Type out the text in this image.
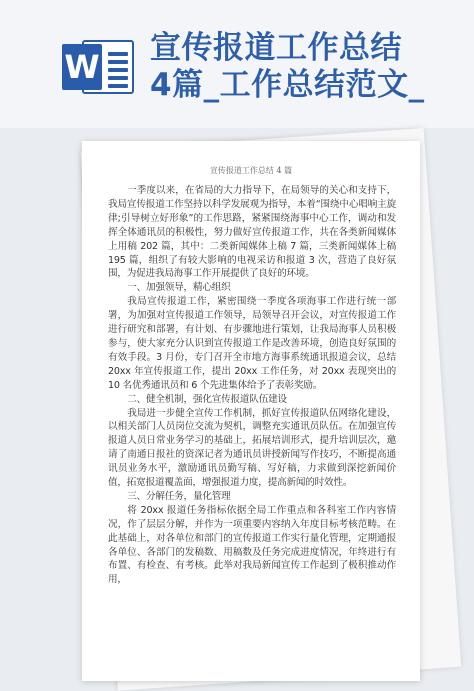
W 宣传报道工作总结
4篇_工作总结范文_
宣传报道工作总结 4 篇

一季度以来，在省局的大力指导下，在局领导的关心和支持下，我局宣传报道工作坚持以科学发展观为指导，本着“围绕中心唱响主旋律;引导树立好形象”的工作思路，紧紧围绕海事中心工作，调动和发挥全体通讯员的积极性，努力做好宣传报道工作，共在各类新闻媒体上用稿 202 篇，其中：二类新闻媒体上稿 7 篇，三类新闻媒体上稿 195 篇，组织了有较大影响的电视采访和报道 3 次，营造了良好氛围，为促进我局海事工作开展提供了良好的环境。

一、加强领导，精心组织

我局宣传报道工作，紧密围绕一季度各项海事工作进行统一部署，为加强对宣传报道工作领导，局领导召开会议，对宣传报道工作进行研究和部署，有计划、有步骤地进行策划，让我局海事人员积极参与，使大家充分认识到宣传报道工作是改善环境，创造良好氛围的有效手段。3 月份，专门召开全市地方海事系统通讯报道会议，总结 20xx 年宣传报道工作，提出 20xx 工作任务，对 20xx 表现突出的 10 名优秀通讯员和 6 个先进集体给予了表彰奖励。

二、健全机制，强化宣传报道队伍建设

我局进一步健全宣传工作机制，抓好宣传报道队伍网络化建设，以相关部门人员岗位交流为契机，调整充实通讯员队伍。在加强宣传报道人员日常业务学习的基础上，拓展培训形式，提升培训层次，邀请了南通日报社的资深记者为通讯员讲授新闻写作技巧，不断提高通讯员业务水平，激励通讯员勤写稿、写好稿，力求做到深挖新闻价值，拓宽报道覆盖面，增强报道力度，提高新闻的时效性。

三、分解任务，量化管理

将 20xx 报道任务指标依据全局工作重点和各科室工作内容情况，作了层层分解，并作为一项重要内容纳入年度目标考核范畴。在此基础上，对各单位和部门的宣传报道工作实行量化管理，定期通报各单位、各部门的发稿数、用稿数及任务完成进度情况，年终进行有布置、有检查、有考核。此举对我局新闻宣传工作起到了极积推动作用，
